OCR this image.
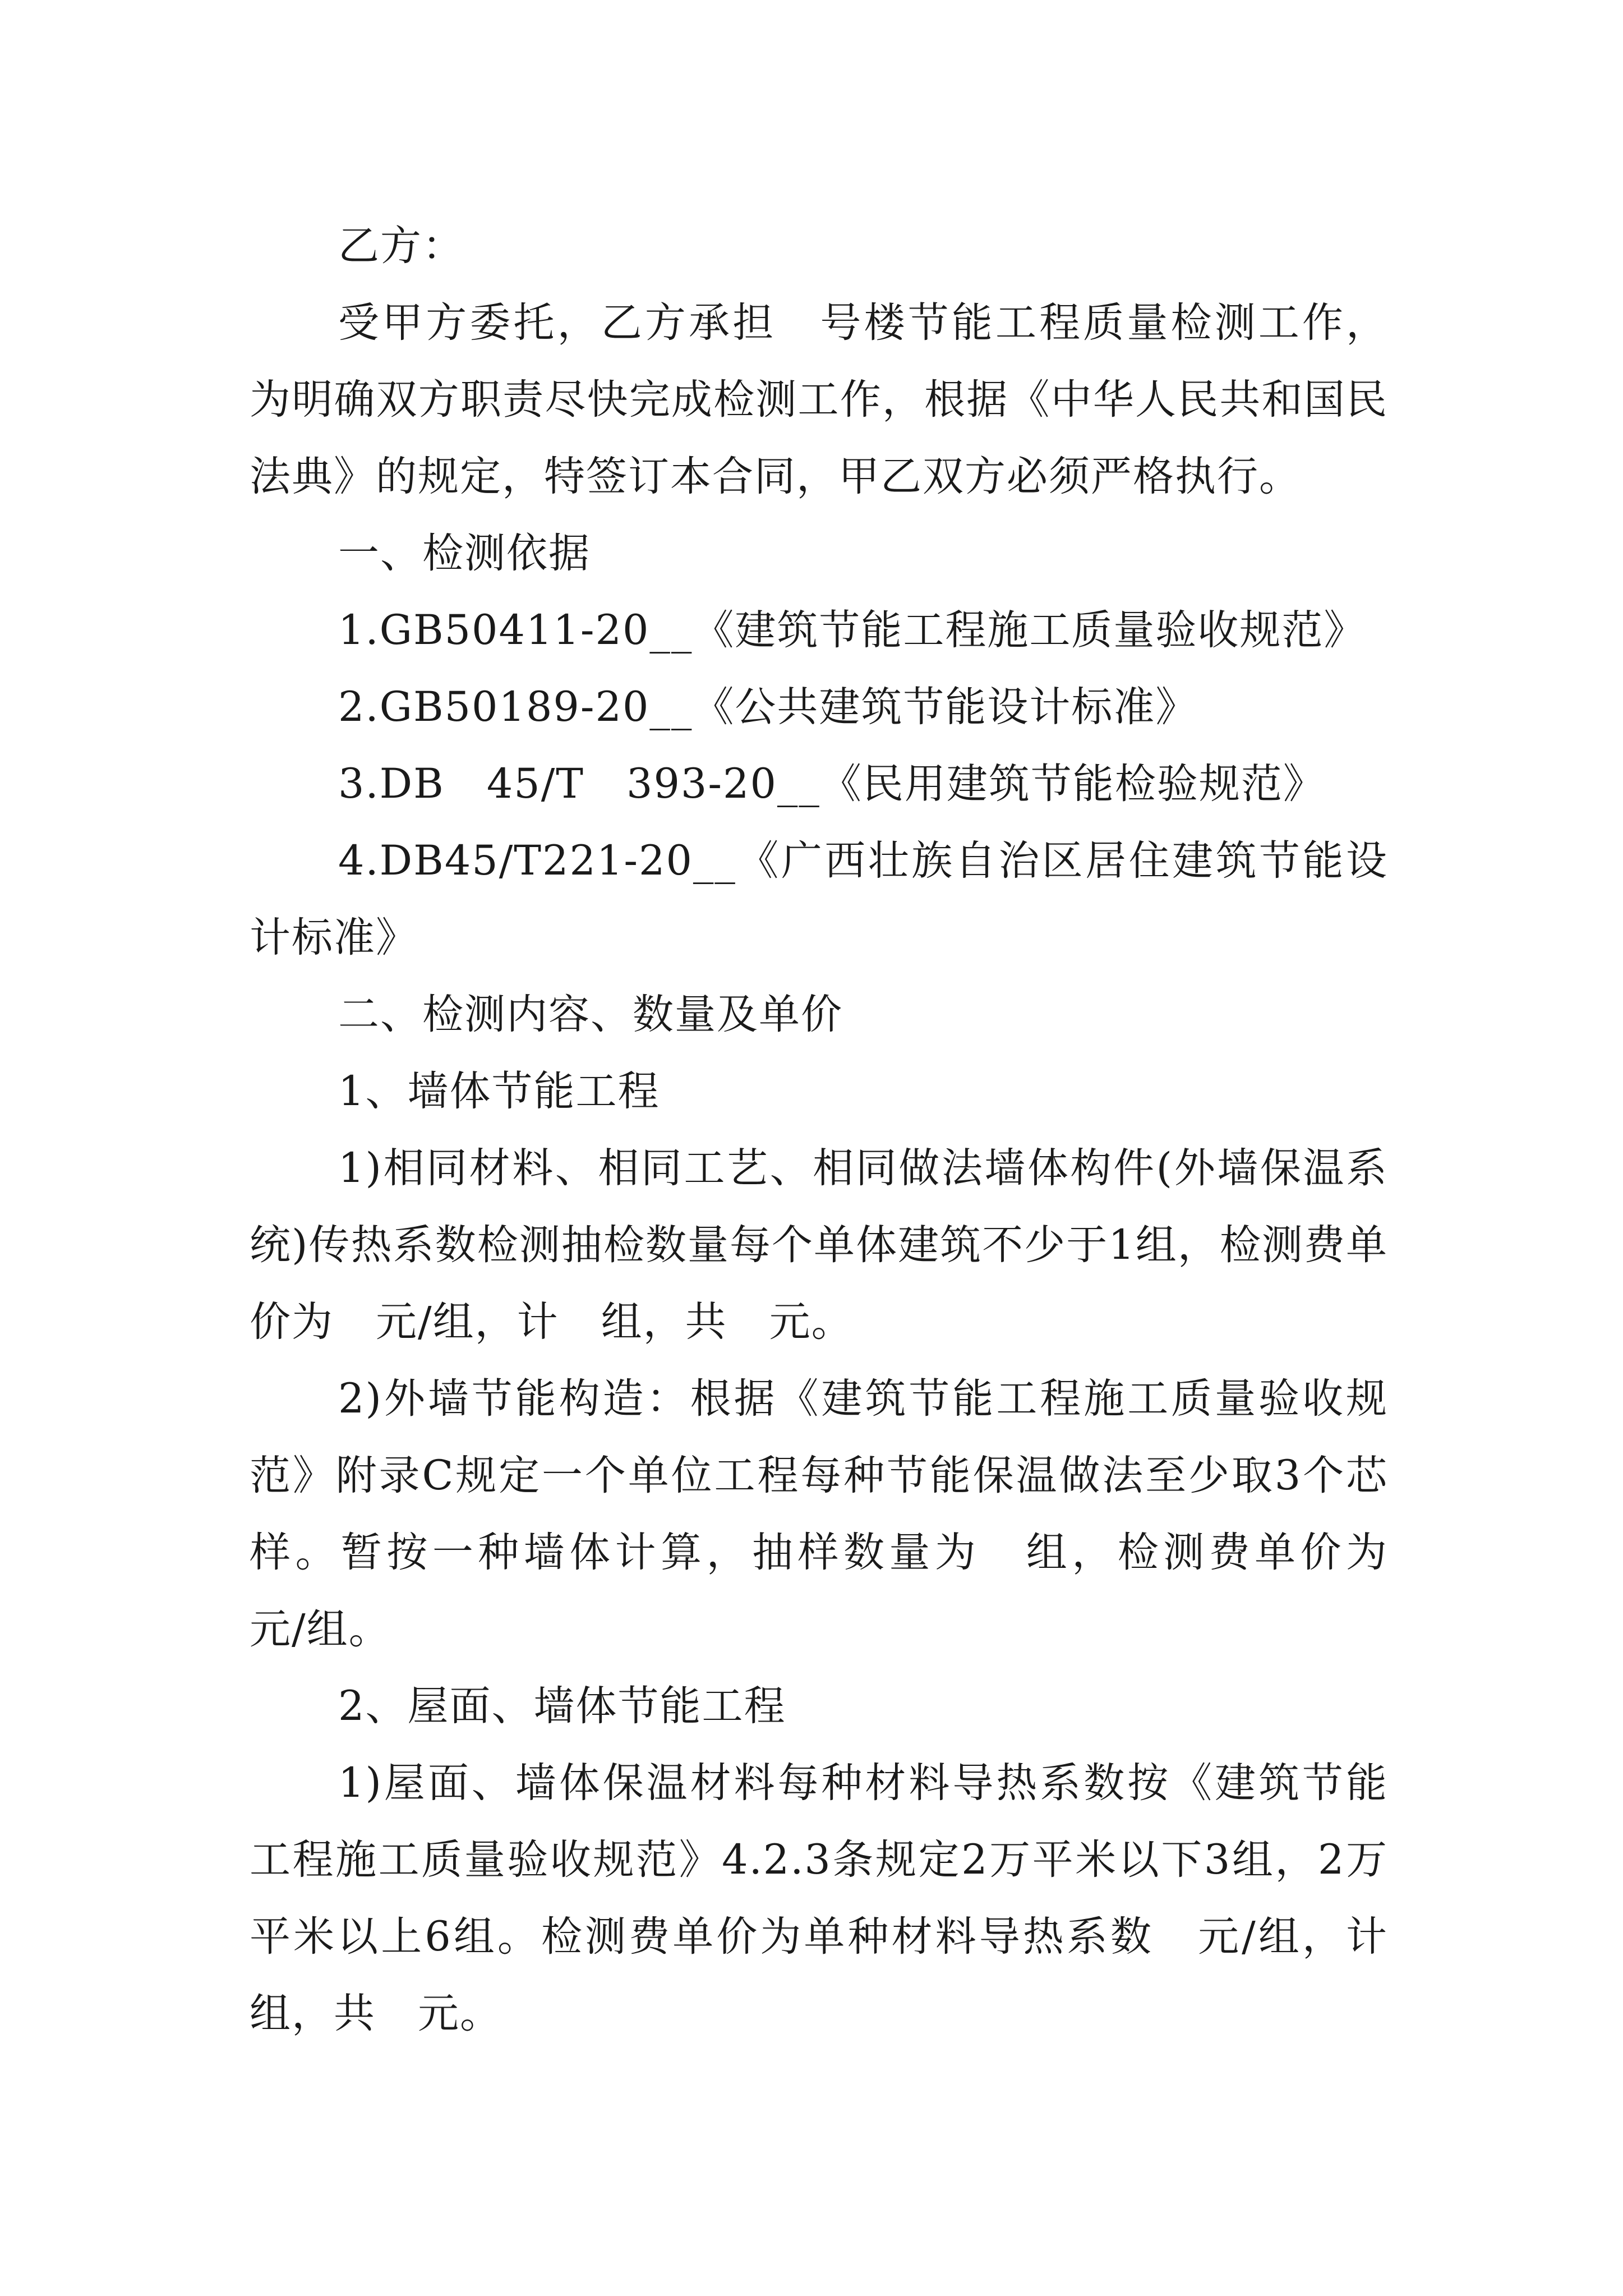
乙方：

受甲方委托，乙方承担　号楼节能工程质量检测工作，为明确双方职责尽快完成检测工作，根据《中华人民共和国民法典》的规定，特签订本合同，甲乙双方必须严格执行。

一、检测依据

1.GB50411-20__《建筑节能工程施工质量验收规范》

2.GB50189-20__《公共建筑节能设计标准》

3.DB　45/T　393-20__《民用建筑节能检验规范》

4.DB45/T221-20__《广西壮族自治区居住建筑节能设计标准》

二、检测内容、数量及单价

1、墙体节能工程

1)相同材料、相同工艺、相同做法墙体构件(外墙保温系统)传热系数检测抽检数量每个单体建筑不少于1组，检测费单价为　元/组，计　组，共　元。

2)外墙节能构造：根据《建筑节能工程施工质量验收规范》附录C规定一个单位工程每种节能保温做法至少取3个芯样。暂按一种墙体计算，抽样数量为　组，检测费单价为　元/组。

2、屋面、墙体节能工程

1)屋面、墙体保温材料每种材料导热系数按《建筑节能工程施工质量验收规范》4.2.3条规定2万平米以下3组，2万平米以上6组。检测费单价为单种材料导热系数　元/组，计　组，共　元。
